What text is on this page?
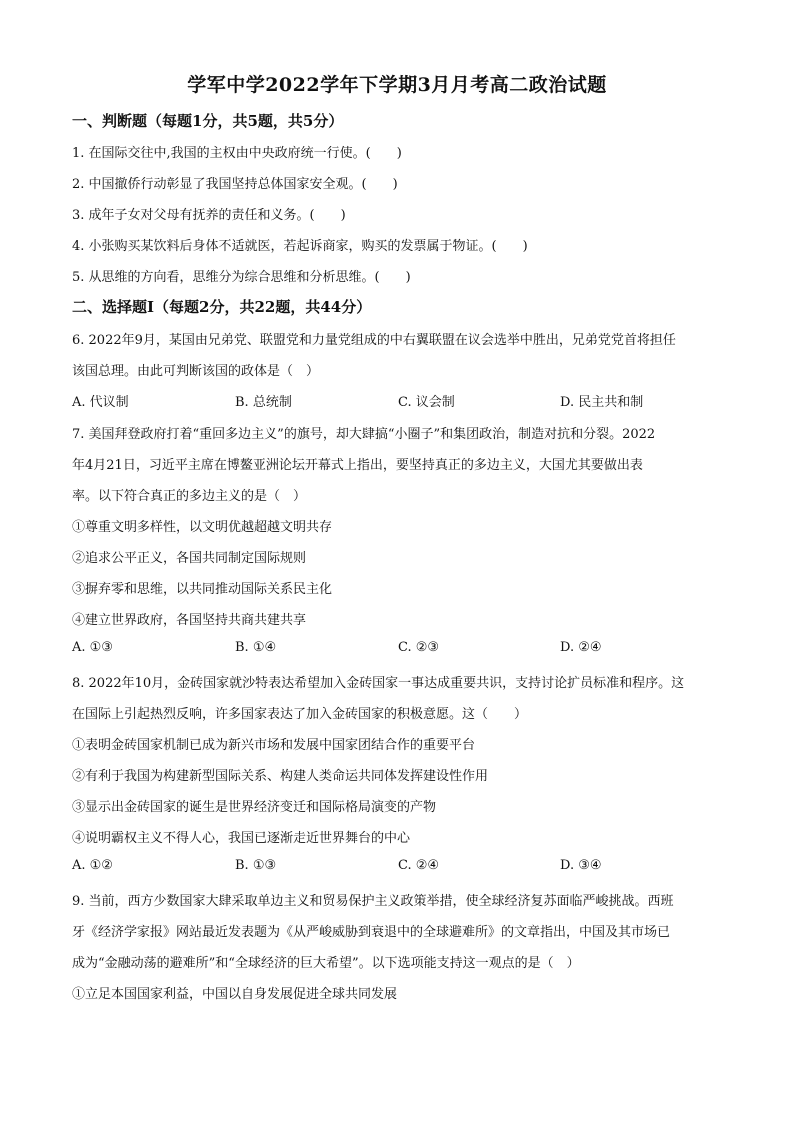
学军中学2022学年下学期3月月考高二政治试题
一、判断题（每题1分，共5题，共5分）
1. 在国际交往中,我国的主权由中央政府统一行使。(　　)
2. 中国撤侨行动彰显了我国坚持总体国家安全观。(　　)
3. 成年子女对父母有抚养的责任和义务。(　　)
4. 小张购买某饮料后身体不适就医，若起诉商家，购买的发票属于物证。(　　)
5. 从思维的方向看，思维分为综合思维和分析思维。(　　)
二、选择题Ⅰ（每题2分，共22题，共44分）
6. 2022年9月，某国由兄弟党、联盟党和力量党组成的中右翼联盟在议会选举中胜出，兄弟党党首将担任
该国总理。由此可判断该国的政体是（　）
A. 代议制	B. 总统制	C. 议会制	D. 民主共和制
7. 美国拜登政府打着“重回多边主义”的旗号，却大肆搞“小圈子”和集团政治，制造对抗和分裂。2022
年4月21日，习近平主席在博鳌亚洲论坛开幕式上指出，要坚持真正的多边主义，大国尤其要做出表
率。以下符合真正的多边主义的是（　）
①尊重文明多样性，以文明优越超越文明共存
②追求公平正义，各国共同制定国际规则
③摒弃零和思维，以共同推动国际关系民主化
④建立世界政府，各国坚持共商共建共享
A. ①③	B. ①④	C. ②③	D. ②④
8. 2022年10月，金砖国家就沙特表达希望加入金砖国家一事达成重要共识，支持讨论扩员标准和程序。这
在国际上引起热烈反响，许多国家表达了加入金砖国家的积极意愿。这（　　）
①表明金砖国家机制已成为新兴市场和发展中国家团结合作的重要平台
②有利于我国为构建新型国际关系、构建人类命运共同体发挥建设性作用
③显示出金砖国家的诞生是世界经济变迁和国际格局演变的产物
④说明霸权主义不得人心，我国已逐渐走近世界舞台的中心
A. ①②	B. ①③	C. ②④	D. ③④
9. 当前，西方少数国家大肆采取单边主义和贸易保护主义政策举措，使全球经济复苏面临严峻挑战。西班
牙《经济学家报》网站最近发表题为《从严峻威胁到衰退中的全球避难所》的文章指出，中国及其市场已
成为“金融动荡的避难所”和“全球经济的巨大希望”。以下选项能支持这一观点的是（　）
①立足本国国家利益，中国以自身发展促进全球共同发展
